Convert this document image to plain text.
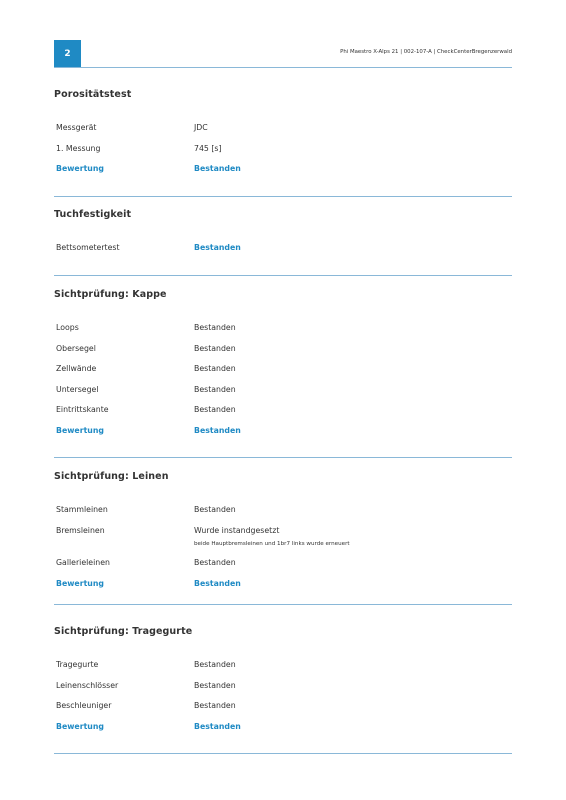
2	Phi Maestro X-Alps 21 | 002-107-A | CheckCenterBregenzerwald
Porositätstest
Messgerät	JDC
1. Messung	745 [s]
Bewertung	Bestanden
Tuchfestigkeit
Bettsometertest	Bestanden
Sichtprüfung: Kappe
Loops	Bestanden
Obersegel	Bestanden
Zellwände	Bestanden
Untersegel	Bestanden
Eintrittskante	Bestanden
Bewertung	Bestanden
Sichtprüfung: Leinen
Stammleinen	Bestanden
Bremsleinen	Wurde instandgesetzt
beide Hauptbremsleinen und 1br7 links wurde erneuert
Gallerieleinen	Bestanden
Bewertung	Bestanden
Sichtprüfung: Tragegurte
Tragegurte	Bestanden
Leinenschlösser	Bestanden
Beschleuniger	Bestanden
Bewertung	Bestanden
